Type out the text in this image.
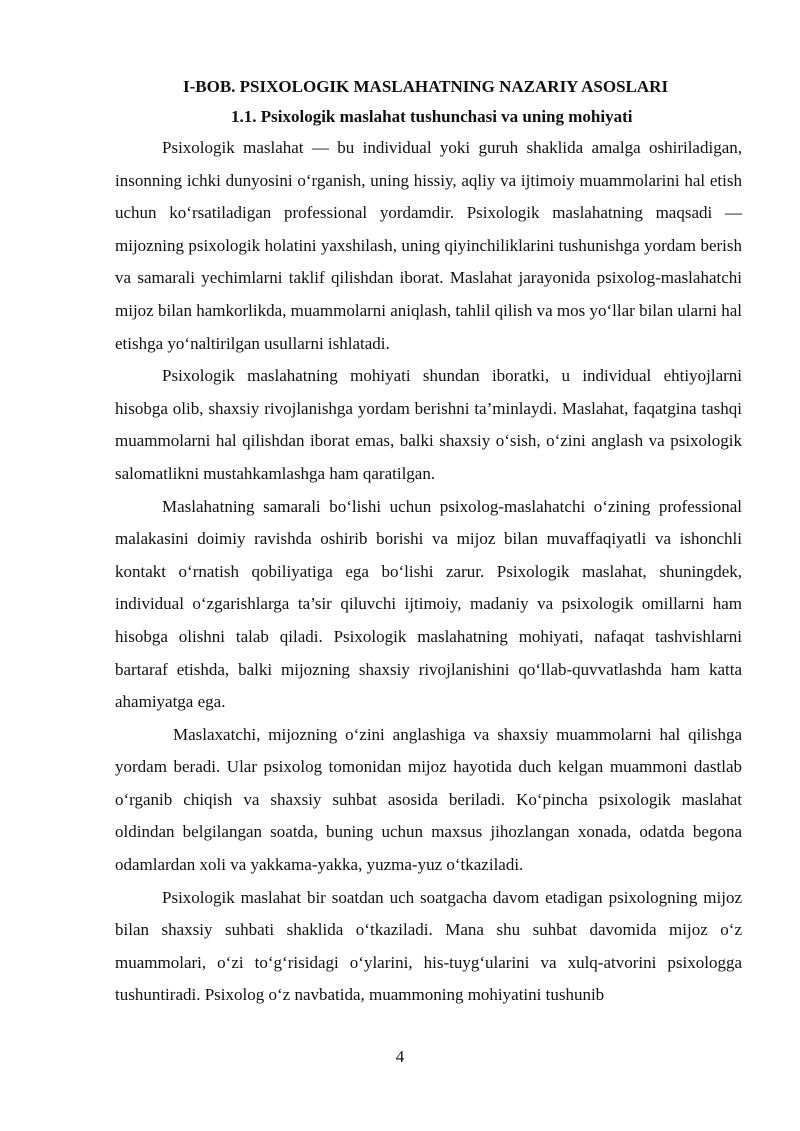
I-BOB. PSIXOLOGIK MASLAHATNING NAZARIY ASOSLARI
1.1. Psixologik maslahat tushunchasi va uning mohiyati

Psixologik maslahat — bu individual yoki guruh shaklida amalga oshiriladigan, insonning ichki dunyosini o‘rganish, uning hissiy, aqliy va ijtimoiy muammolarini hal etish uchun ko‘rsatiladigan professional yordamdir. Psixologik maslahatning maqsadi — mijozning psixologik holatini yaxshilash, uning qiyinchiliklarini tushunishga yordam berish va samarali yechimlarni taklif qilishdan iborat. Maslahat jarayonida psixolog-maslahatchi mijoz bilan hamkorlikda, muammolarni aniqlash, tahlil qilish va mos yo‘llar bilan ularni hal etishga yo‘naltirilgan usullarni ishlatadi.

Psixologik maslahatning mohiyati shundan iboratki, u individual ehtiyojlarni hisobga olib, shaxsiy rivojlanishga yordam berishni ta’minlaydi. Maslahat, faqatgina tashqi muammolarni hal qilishdan iborat emas, balki shaxsiy o‘sish, o‘zini anglash va psixologik salomatlikni mustahkamlashga ham qaratilgan.

Maslahatning samarali bo‘lishi uchun psixolog-maslahatchi o‘zining professional malakasini doimiy ravishda oshirib borishi va mijoz bilan muvaffaqiyatli va ishonchli kontakt o‘rnatish qobiliyatiga ega bo‘lishi zarur. Psixologik maslahat, shuningdek, individual o‘zgarishlarga ta’sir qiluvchi ijtimoiy, madaniy va psixologik omillarni ham hisobga olishni talab qiladi. Psixologik maslahatning mohiyati, nafaqat tashvishlarni bartaraf etishda, balki mijozning shaxsiy rivojlanishini qo‘llab-quvvatlashda ham katta ahamiyatga ega.

Maslaxatchi, mijozning o‘zini anglashiga va shaxsiy muammolarni hal qilishga yordam beradi. Ular psixolog tomonidan mijoz hayotida duch kelgan muammoni dastlab o‘rganib chiqish va shaxsiy suhbat asosida beriladi. Ko‘pincha psixologik maslahat oldindan belgilangan soatda, buning uchun maxsus jihozlangan xonada, odatda begona odamlardan xoli va yakkama-yakka, yuzma-yuz o‘tkaziladi.

Psixologik maslahat bir soatdan uch soatgacha davom etadigan psixologning mijoz bilan shaxsiy suhbati shaklida o‘tkaziladi. Mana shu suhbat davomida mijoz o‘z muammolari, o‘zi to‘g‘risidagi o‘ylarini, his-tuyg‘ularini va xulq-atvorini psixologga tushuntiradi. Psixolog o‘z navbatida, muammoning mohiyatini tushunib

4
